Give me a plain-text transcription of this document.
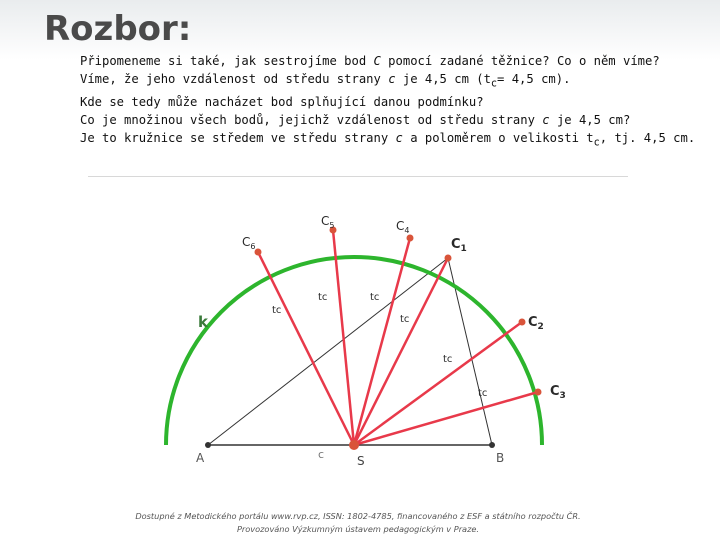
Rozbor:

Připomeneme si také, jak sestrojíme bod C pomocí zadané těžnice? Co o něm víme?

Víme, že jeho vzdálenost od středu strany c je 4,5 cm ($t_c= 4,5$ cm).

Kde se tedy může nacházet bod splňující danou podmínku?

Co je množinou všech bodů, jejichž vzdálenost od středu strany c je 4,5 cm?

Je to kružnice se středem ve středu strany c a poloměrem o velikosti $t_c$, tj. 4,5 cm.

A	B
c	S
k
$C_6$
$C_5$	$C_4$
$C_1$
$C_2$
$C_3$
tc
tc	tc
tc
tc
tc

Dostupné z Metodického portálu www.rvp.cz, ISSN: 1802-4785, financovaného z ESF a státního rozpočtu ČR.

Provozováno Výzkumným ústavem pedagogickým v Praze.
